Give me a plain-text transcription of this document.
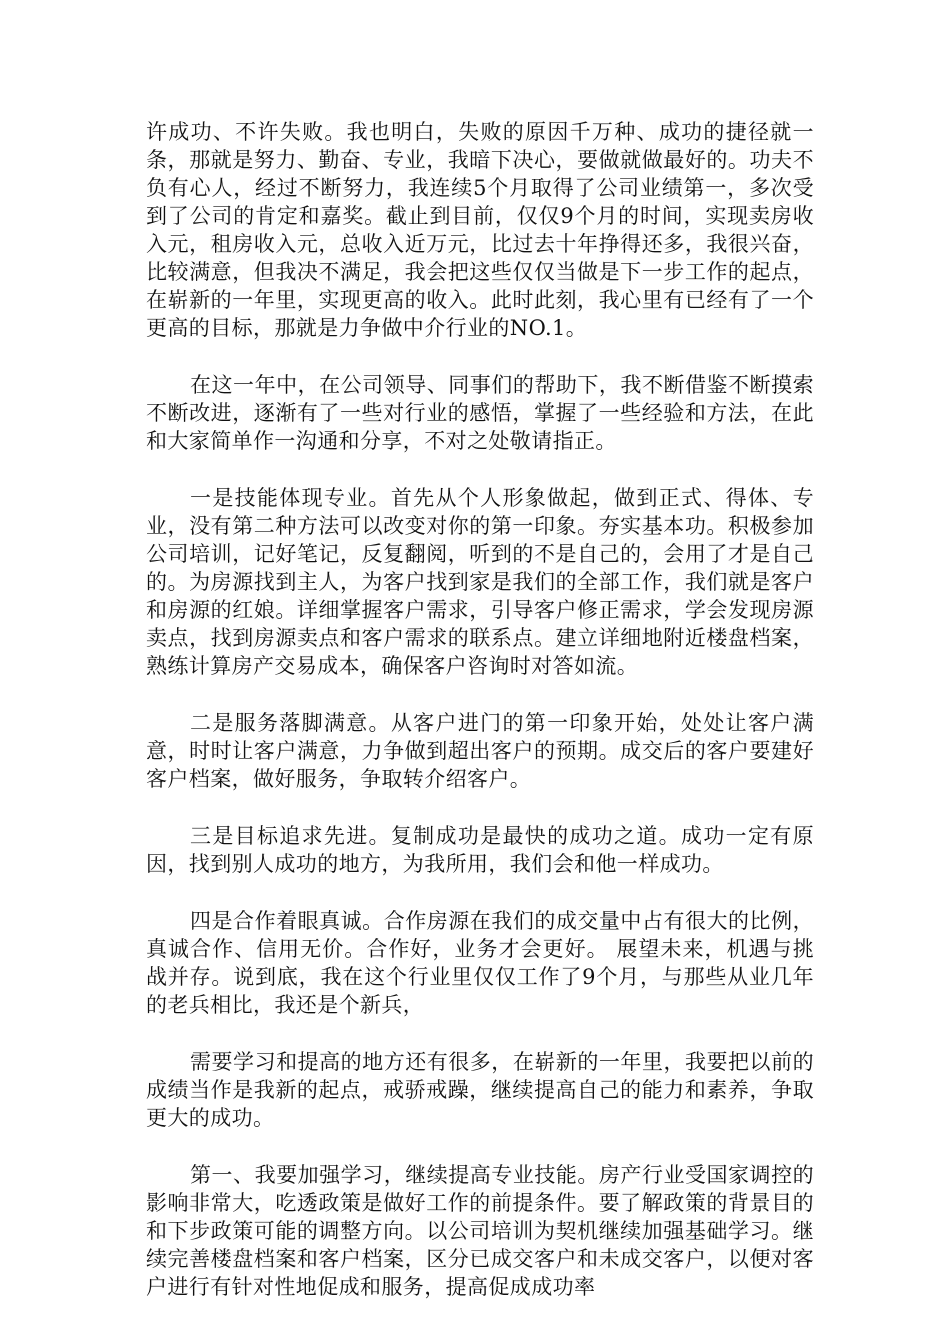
许成功、不许失败。我也明白，失败的原因千万种、成功的捷径就一条，那就是努力、勤奋、专业，我暗下决心，要做就做最好的。功夫不负有心人，经过不断努力，我连续5个月取得了公司业绩第一，多次受到了公司的肯定和嘉奖。截止到目前，仅仅9个月的时间，实现卖房收入元，租房收入元，总收入近万元，比过去十年挣得还多，我很兴奋，比较满意，但我决不满足，我会把这些仅仅当做是下一步工作的起点，在崭新的一年里，实现更高的收入。此时此刻，我心里有已经有了一个更高的目标，那就是力争做中介行业的NO.1。

在这一年中，在公司领导、同事们的帮助下，我不断借鉴不断摸索不断改进，逐渐有了一些对行业的感悟，掌握了一些经验和方法，在此和大家简单作一沟通和分享，不对之处敬请指正。

一是技能体现专业。首先从个人形象做起，做到正式、得体、专业，没有第二种方法可以改变对你的第一印象。夯实基本功。积极参加公司培训，记好笔记，反复翻阅，听到的不是自己的，会用了才是自己的。为房源找到主人，为客户找到家是我们的全部工作，我们就是客户和房源的红娘。详细掌握客户需求，引导客户修正需求，学会发现房源卖点，找到房源卖点和客户需求的联系点。建立详细地附近楼盘档案，熟练计算房产交易成本，确保客户咨询时对答如流。

二是服务落脚满意。从客户进门的第一印象开始，处处让客户满意，时时让客户满意，力争做到超出客户的预期。成交后的客户要建好客户档案，做好服务，争取转介绍客户。

三是目标追求先进。复制成功是最快的成功之道。成功一定有原因，找到别人成功的地方，为我所用，我们会和他一样成功。

四是合作着眼真诚。合作房源在我们的成交量中占有很大的比例，真诚合作、信用无价。合作好，业务才会更好。 展望未来，机遇与挑战并存。说到底，我在这个行业里仅仅工作了9个月，与那些从业几年的老兵相比，我还是个新兵，

需要学习和提高的地方还有很多，在崭新的一年里，我要把以前的成绩当作是我新的起点，戒骄戒躁，继续提高自己的能力和素养，争取更大的成功。

第一、我要加强学习，继续提高专业技能。房产行业受国家调控的影响非常大，吃透政策是做好工作的前提条件。要了解政策的背景目的和下步政策可能的调整方向。以公司培训为契机继续加强基础学习。继续完善楼盘档案和客户档案，区分已成交客户和未成交客户，以便对客户进行有针对性地促成和服务，提高促成成功率
